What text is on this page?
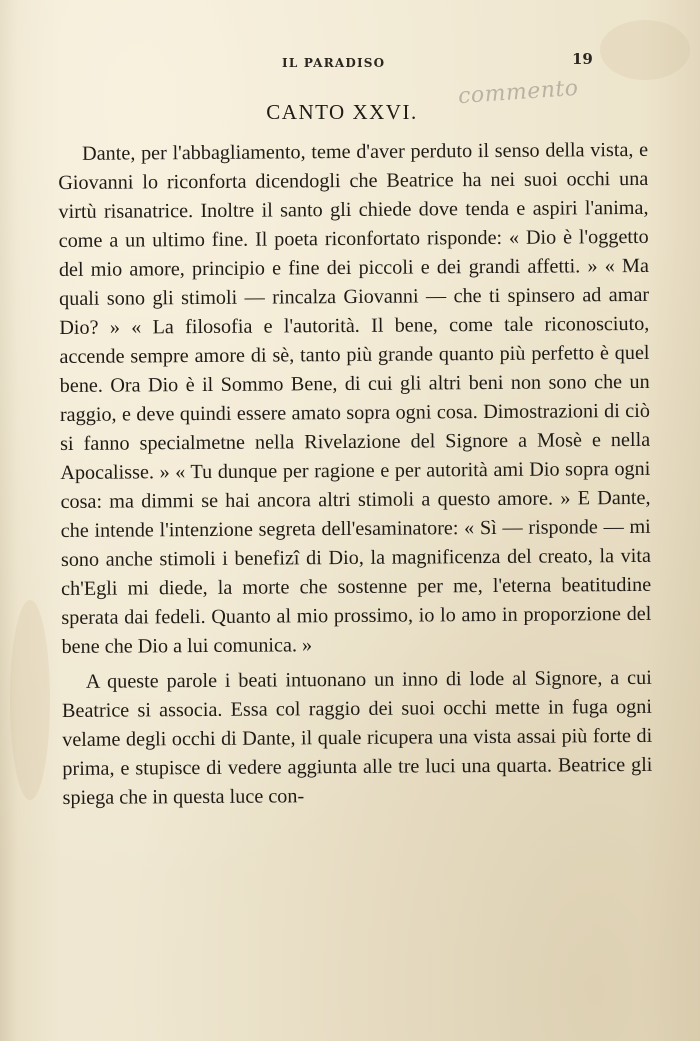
IL PARADISO	19
commento
CANTO XXVI.

Dante, per l'abbagliamento, teme d'aver perduto il senso della vista, e Giovanni lo riconforta dicendogli che Beatrice ha nei suoi occhi una virtù risanatrice. Inoltre il santo gli chiede dove tenda e aspiri l'anima, come a un ultimo fine. Il poeta riconfortato risponde: « Dio è l'oggetto del mio amore, principio e fine dei piccoli e dei grandi affetti. » « Ma quali sono gli stimoli — rincalza Giovanni — che ti spinsero ad amar Dio? » « La filosofia e l'autorità. Il bene, come tale riconosciuto, accende sempre amore di sè, tanto più grande quanto più perfetto è quel bene. Ora Dio è il Sommo Bene, di cui gli altri beni non sono che un raggio, e deve quindi essere amato sopra ogni cosa. Dimostrazioni di ciò si fanno specialmetne nella Rivelazione del Signore a Mosè e nella Apocalisse. » « Tu dunque per ragione e per autorità ami Dio sopra ogni cosa: ma dimmi se hai ancora altri stimoli a questo amore. » E Dante, che intende l'intenzione segreta dell'esaminatore: « Sì — risponde — mi sono anche stimoli i benefizî di Dio, la magnificenza del creato, la vita ch'Egli mi diede, la morte che sostenne per me, l'eterna beatitudine sperata dai fedeli. Quanto al mio prossimo, io lo amo in proporzione del bene che Dio a lui comunica. »

A queste parole i beati intuonano un inno di lode al Signore, a cui Beatrice si associa. Essa col raggio dei suoi occhi mette in fuga ogni velame degli occhi di Dante, il quale ricupera una vista assai più forte di prima, e stupisce di vedere aggiunta alle tre luci una quarta. Beatrice gli spiega che in questa luce con-
